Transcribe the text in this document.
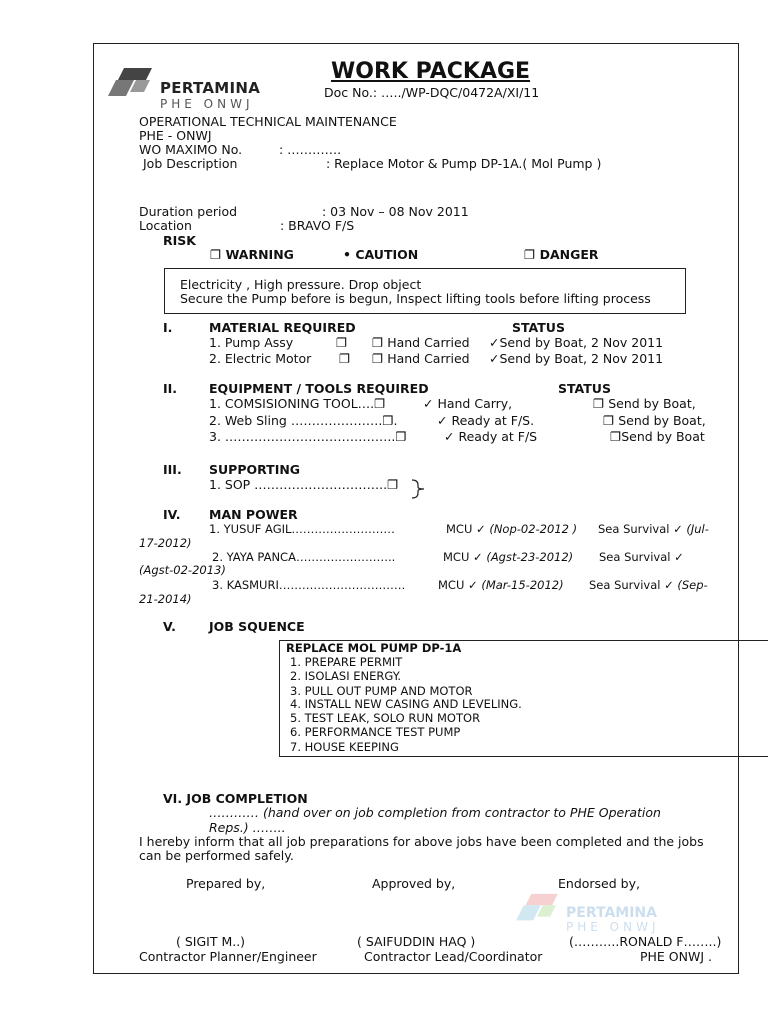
PERTAMINA
PHE ONWJ
WORK PACKAGE
Doc No.: …../WP-DQC/0472A/XI/11
OPERATIONAL TECHNICAL MAINTENANCE
PHE - ONWJ
WO MAXIMO No.	: ………….
Job Description	: Replace Motor & Pump DP-1A.( Mol Pump )
Duration period	: 03 Nov – 08 Nov 2011
Location	: BRAVO F/S
RISK
❐ WARNING	• CAUTION	❐ DANGER
Electricity , High pressure. Drop object
Secure the Pump before is begun, Inspect lifting tools before lifting process
I.	MATERIAL REQUIRED	STATUS
1. Pump Assy	❐ ❐ Hand Carried ✓Send by Boat, 2 Nov 2011
2. Electric Motor ❐ ❐ Hand Carried ✓Send by Boat, 2 Nov 2011
II.	EQUIPMENT / TOOLS REQUIRED	STATUS
1. COMSISIONING TOOL….❐	✓ Hand Carry,	❐ Send by Boat,
2. Web Sling ………………….❐.	✓ Ready at F/S.	❐ Send by Boat,
3. …………………………………..❐	✓ Ready at F/S	❐Send by Boat
III. SUPPORTING
1. SOP …………………………..❐
IV. MAN POWER
1. YUSUF AGIL………………………	MCU ✓ (Nop-02-2012 ) Sea Survival ✓ (Jul-
17-2012)
2. YAYA PANCA……………………..	MCU ✓ (Agst-23-2012) Sea Survival ✓
(Agst-02-2013)
3. KASMURI……………………………	MCU ✓ (Mar-15-2012) Sea Survival ✓ (Sep-
21-2014)
V.	JOB SQUENCE
REPLACE MOL PUMP DP-1A
1. PREPARE PERMIT
2. ISOLASI ENERGY.
3. PULL OUT PUMP AND MOTOR
4. INSTALL NEW CASING AND LEVELING.
5. TEST LEAK, SOLO RUN MOTOR
6. PERFORMANCE TEST PUMP
7. HOUSE KEEPING
VI. JOB COMPLETION
………… (hand over on job completion from contractor to PHE Operation
Reps.) ……..
I hereby inform that all job preparations for above jobs have been completed and the jobs
can be performed safely.
Prepared by,	Approved by,	Endorsed by,
PERTAMINA
PHE ONWJ
( SIGIT M..)	( SAIFUDDIN HAQ )	(………..RONALD F……..)
Contractor Planner/Engineer	Contractor Lead/Coordinator	PHE ONWJ .
